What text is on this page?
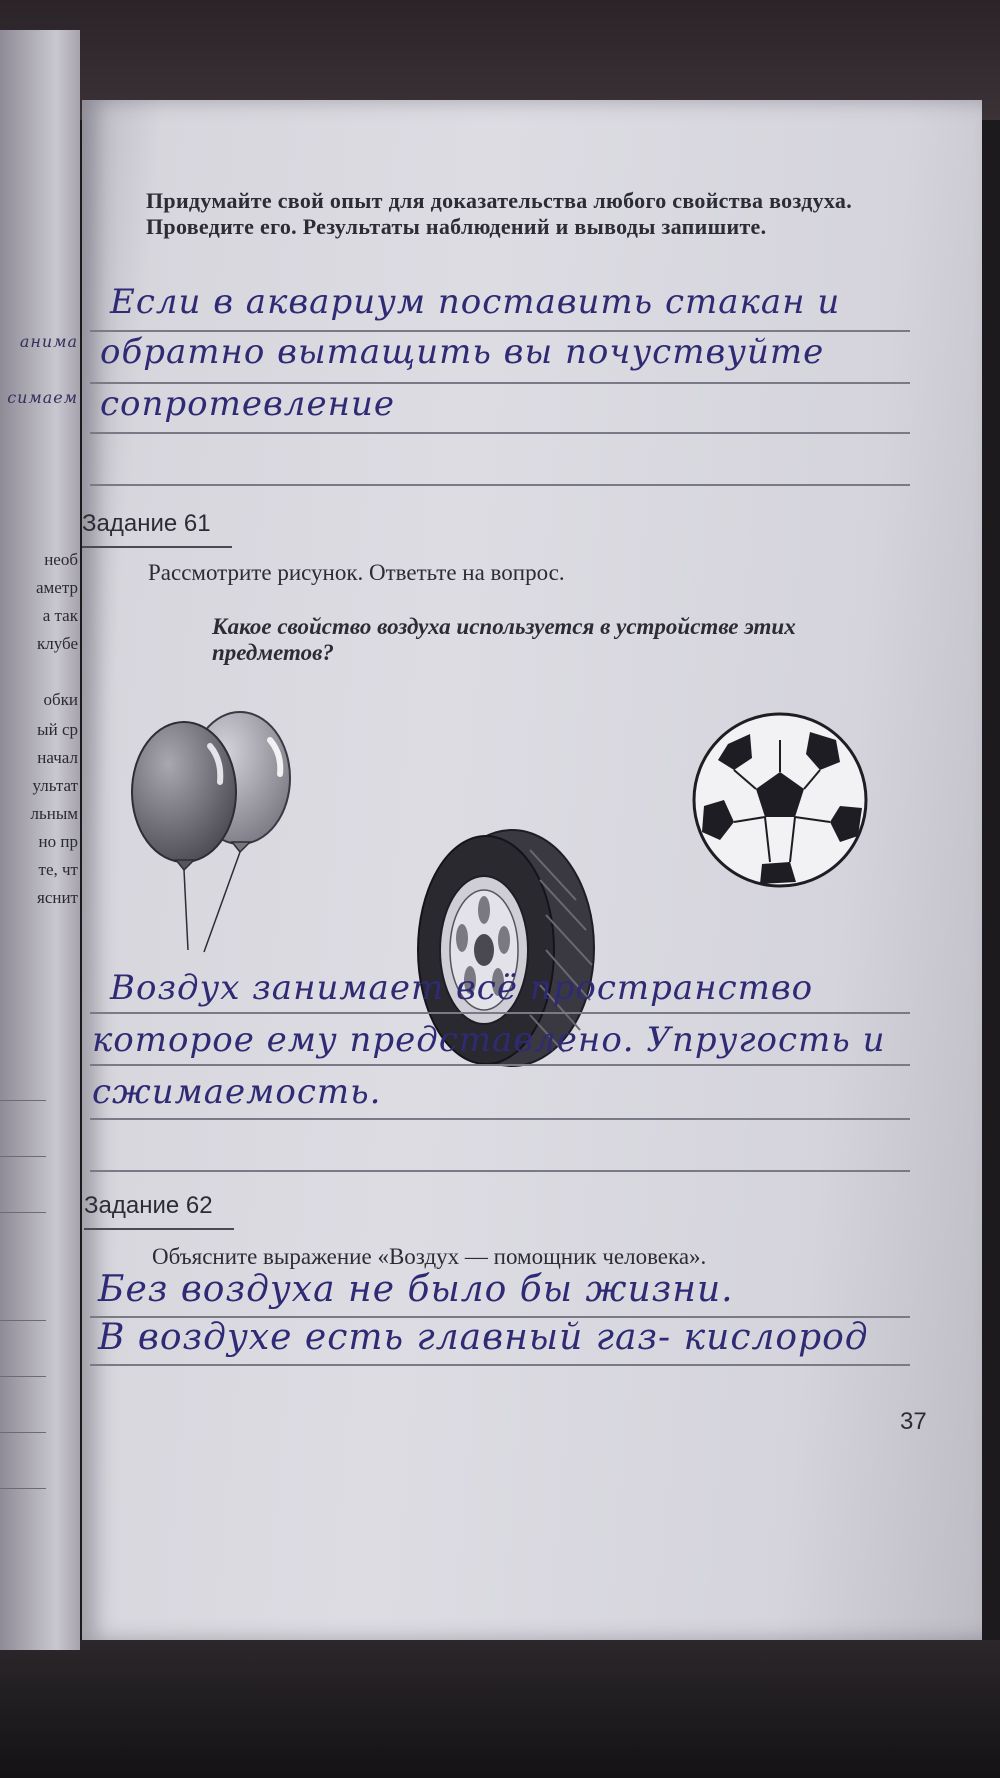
анима
симаем
необ
аметр
а так
клубе
обки
ый ср
начал
ультат
льным
но пр
те, чт
яснит

Придумайте свой опыт для доказательства любого свойства воздуха. Проведите его. Результаты наблюдений и выводы запишите.

Если в аквариум поставить стакан и

обратно вытащить вы почуствуйте

сопротевление

Задание 61

Рассмотрите рисунок. Ответьте на вопрос.

Какое свойство воздуха используется в устройстве этих предметов?

Воздух занимает всё пространство

которое ему представлено. Упругость и

сжимаемость.

Задание 62

Объясните выражение «Воздух — помощник человека».

Без воздуха не было бы жизни.

В воздухе есть главный газ- кислород

37
